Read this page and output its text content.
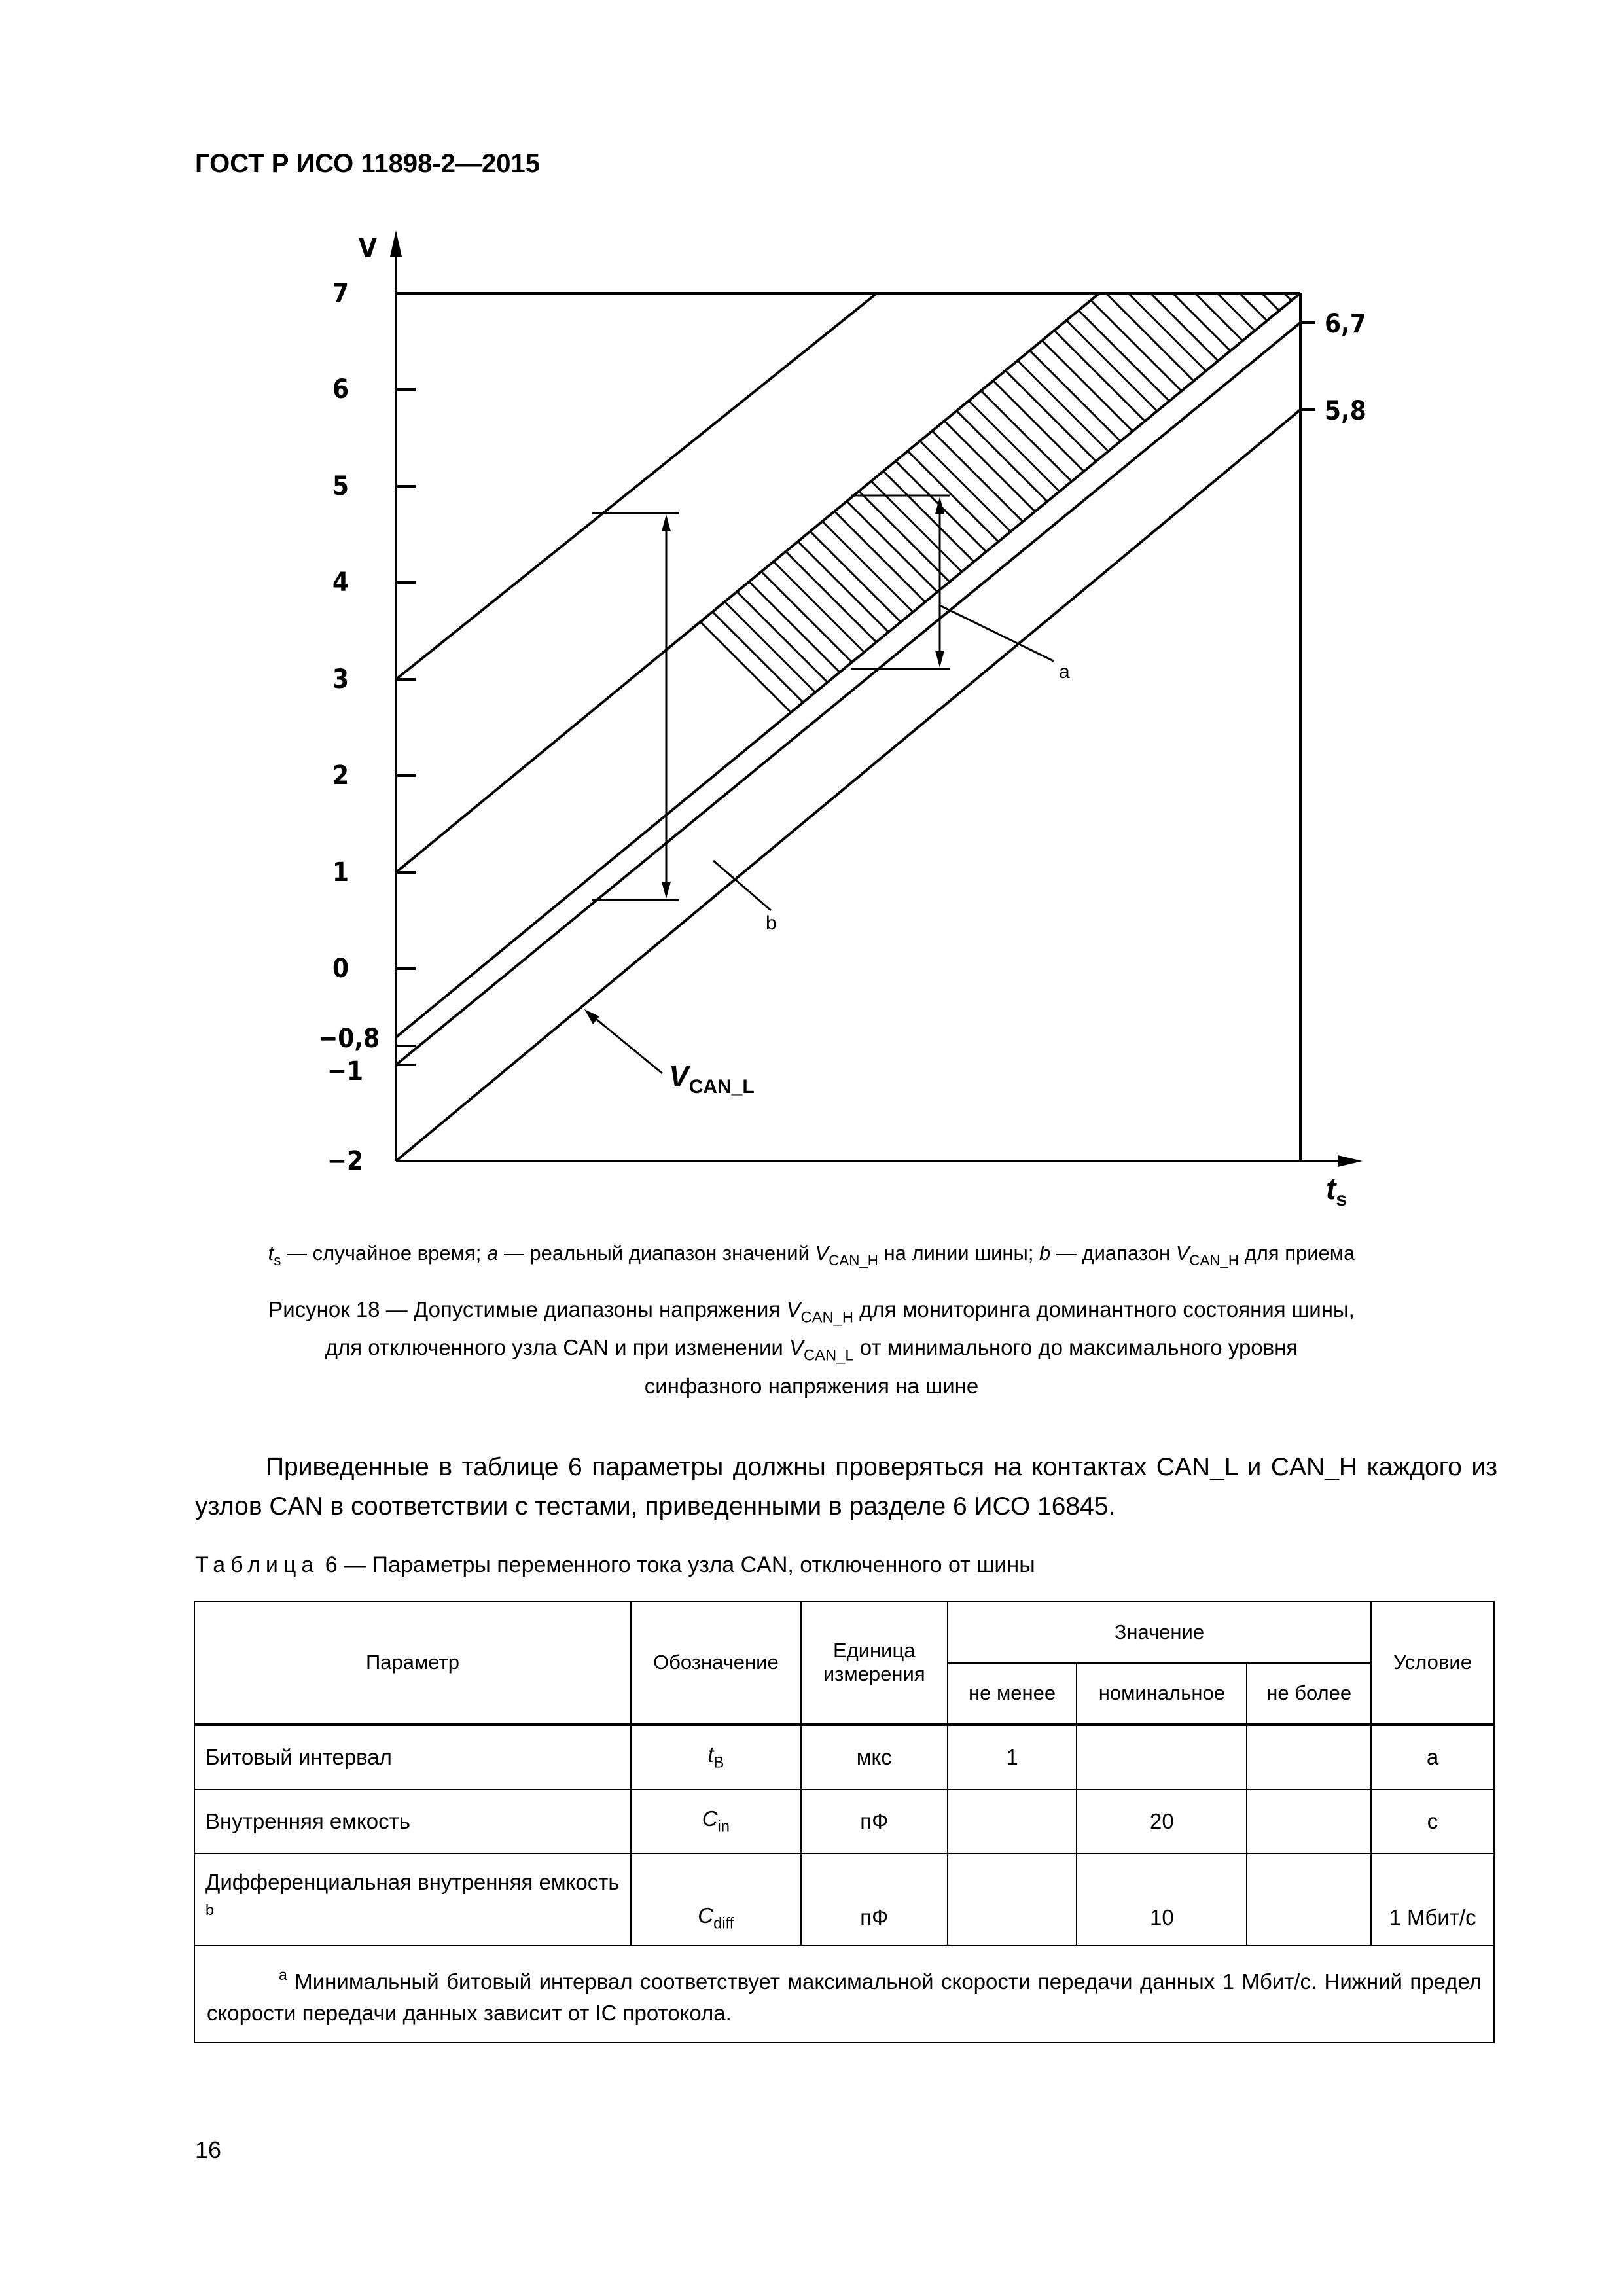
ГОСТ Р ИСО 11898-2—2015
V
7
6
5
4
3
2
1
0
−0,8
−1
−2
6,7
5,8
a
b
$V_{CAN\_L}$
$t_s$
$t_s$ — случайное время; a — реальный диапазон значений $V_{CAN\_H}$ на линии шины; b — диапазон $V_{CAN\_H}$ для приема
Рисунок 18 — Допустимые диапазоны напряжения $V_{CAN\_H}$ для мониторинга доминантного состояния шины,
для отключенного узла CAN и при изменении $V_{CAN\_L}$ от минимального до максимального уровня
синфазного напряжения на шине
Приведенные в таблице 6 параметры должны проверяться на контактах CAN_L и CAN_H каждого из узлов CAN в соответствии с тестами, приведенными в разделе 6 ИСО 16845.
Таблица 6 — Параметры переменного тока узла CAN, отключенного от шины
Параметр	Обозначение	Единица измерения	Значение			Условие
			не менее	номинальное	не более	
Битовый интервал	$t_B$	мкс	1			a
Внутренняя емкость	$C_{in}$	пФ		20		c
Дифференциальная внутренняя емкость $^b$	$C_{diff}$	пФ		10		1 Мбит/с
$^a$ Минимальный битовый интервал соответствует максимальной скорости передачи данных 1 Мбит/с. Нижний предел скорости передачи данных зависит от IC протокола.						
16
